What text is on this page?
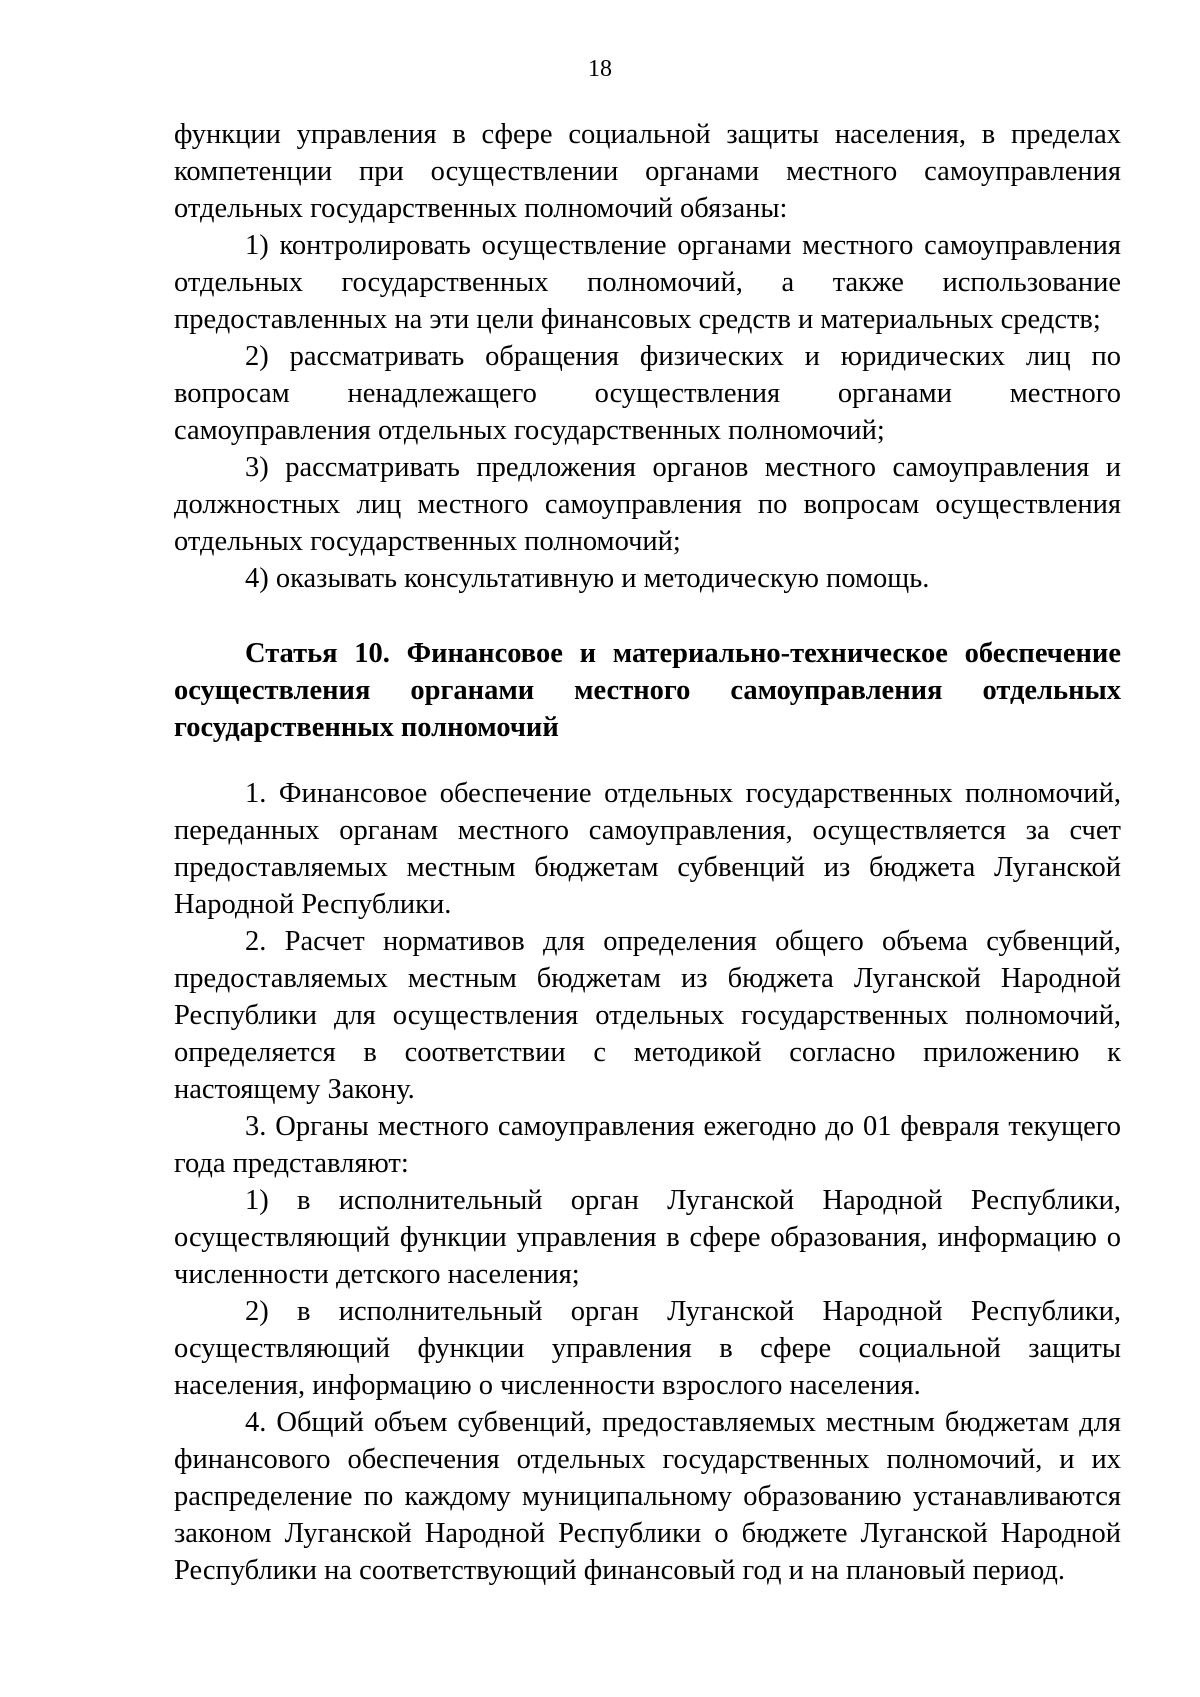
18

функции управления в сфере социальной защиты населения, в пределах компетенции при осуществлении органами местного самоуправления отдельных государственных полномочий обязаны:

1) контролировать осуществление органами местного самоуправления отдельных государственных полномочий, а также использование предоставленных на эти цели финансовых средств и материальных средств;

2) рассматривать обращения физических и юридических лиц по вопросам ненадлежащего осуществления органами местного самоуправления отдельных государственных полномочий;

3) рассматривать предложения органов местного самоуправления и должностных лиц местного самоуправления по вопросам осуществления отдельных государственных полномочий;

4) оказывать консультативную и методическую помощь.

Статья 10. Финансовое и материально-техническое обеспечение осуществления органами местного самоуправления отдельных государственных полномочий

1. Финансовое обеспечение отдельных государственных полномочий, переданных органам местного самоуправления, осуществляется за счет предоставляемых местным бюджетам субвенций из бюджета Луганской Народной Республики.

2. Расчет нормативов для определения общего объема субвенций, предоставляемых местным бюджетам из бюджета Луганской Народной Республики для осуществления отдельных государственных полномочий, определяется в соответствии с методикой согласно приложению к настоящему Закону.

3. Органы местного самоуправления ежегодно до 01 февраля текущего года представляют:

1) в исполнительный орган Луганской Народной Республики, осуществляющий функции управления в сфере образования, информацию о численности детского населения;

2) в исполнительный орган Луганской Народной Республики, осуществляющий функции управления в сфере социальной защиты населения, информацию о численности взрослого населения.

4. Общий объем субвенций, предоставляемых местным бюджетам для финансового обеспечения отдельных государственных полномочий, и их распределение по каждому муниципальному образованию устанавливаются законом Луганской Народной Республики о бюджете Луганской Народной Республики на соответствующий финансовый год и на плановый период.
